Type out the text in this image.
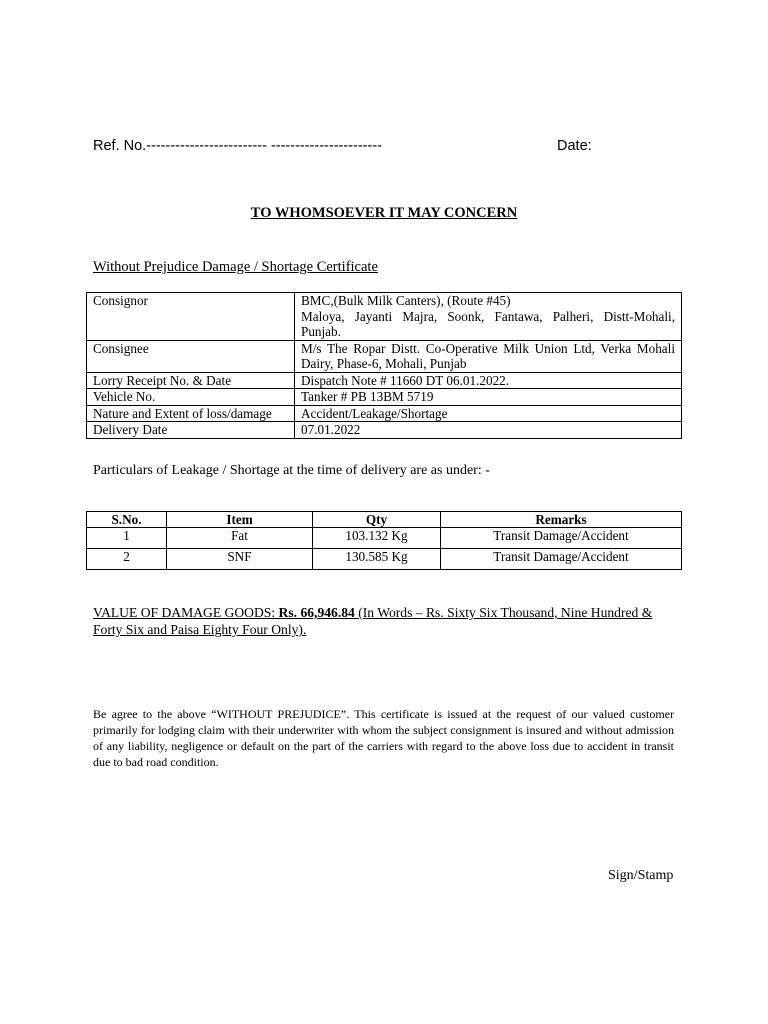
Ref. No.------------------------- -----------------------	Date:
TO WHOMSOEVER IT MAY CONCERN
Without Prejudice Damage / Shortage Certificate
Consignor	BMC,(Bulk Milk Canters), (Route #45)
Maloya, Jayanti Majra, Soonk, Fantawa, Palheri, Distt-Mohali, Punjab.

Consignee	M/s The Ropar Distt. Co-Operative Milk Union Ltd, Verka Mohali Dairy, Phase-6, Mohali, Punjab
Lorry Receipt No. & Date	Dispatch Note # 11660 DT 06.01.2022.
Vehicle No.	Tanker # PB 13BM 5719
Nature and Extent of loss/damage	Accident/Leakage/Shortage
Delivery Date	07.01.2022
Particulars of Leakage / Shortage at the time of delivery are as under: -
S.No.	Item	Qty	Remarks
1	Fat	103.132 Kg	Transit Damage/Accident
2	SNF	130.585 Kg	Transit Damage/Accident
VALUE OF DAMAGE GOODS: Rs. 66,946.84 (In Words – Rs. Sixty Six Thousand, Nine Hundred & Forty Six and Paisa Eighty Four Only).
Be agree to the above “WITHOUT PREJUDICE”. This certificate is issued at the request of our valued customer primarily for lodging claim with their underwriter with whom the subject consignment is insured and without admission of any liability, negligence or default on the part of the carriers with regard to the above loss due to accident in transit due to bad road condition.
Sign/Stamp
